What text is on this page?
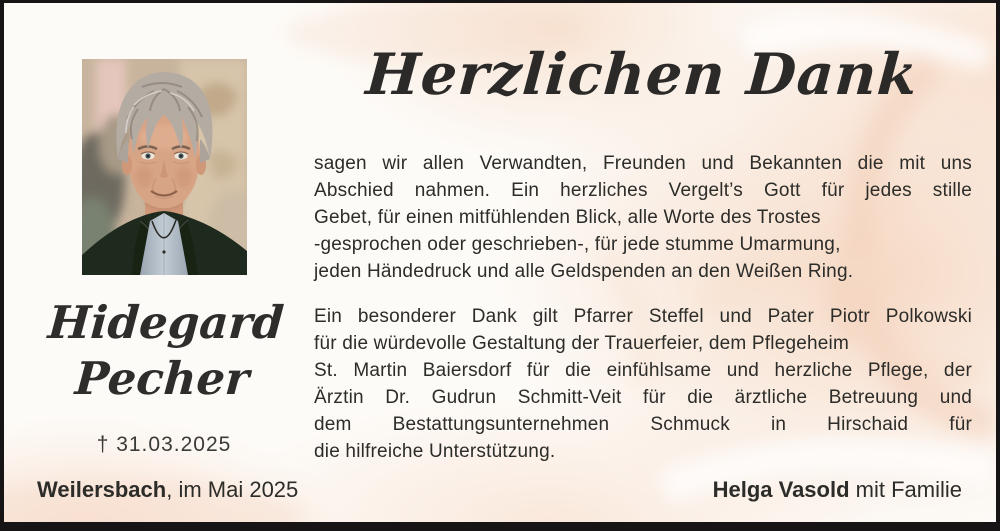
Herzlichen Dank
Hidegard
Pecher
† 31.03.2025
sagen wir allen Verwandten, Freunden und Bekannten die mit uns
Abschied nahmen. Ein herzliches Vergelt’s Gott für jedes stille
Gebet, für einen mitfühlenden Blick, alle Worte des Trostes
-gesprochen oder geschrieben-, für jede stumme Umarmung,
jeden Händedruck und alle Geldspenden an den Weißen Ring.
Ein besonderer Dank gilt Pfarrer Steffel und Pater Piotr Polkowski
für die würdevolle Gestaltung der Trauerfeier, dem Pflegeheim
St. Martin Baiersdorf für die einfühlsame und herzliche Pflege, der
Ärztin Dr. Gudrun Schmitt-Veit für die ärztliche Betreuung und
dem Bestattungsunternehmen Schmuck in Hirschaid für
die hilfreiche Unterstützung.
Weilersbach, im Mai 2025	Helga Vasold mit Familie
